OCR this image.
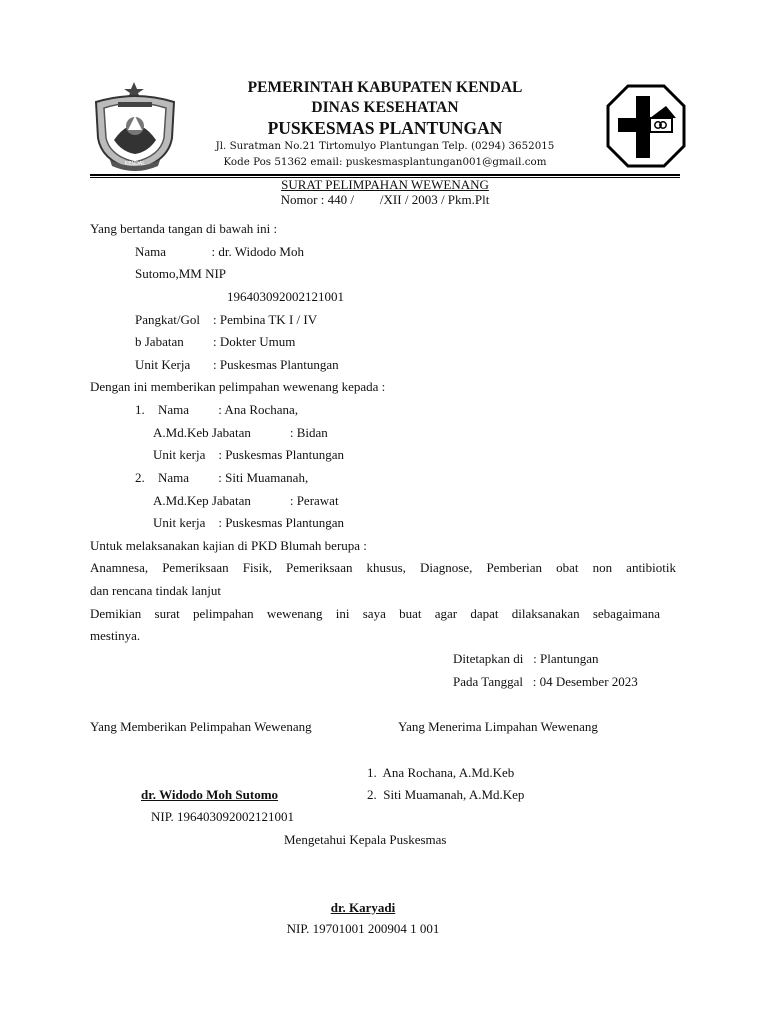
KENDAL
PEMERINTAH KABUPATEN KENDAL
DINAS KESEHATAN
PUSKESMAS PLANTUNGAN
Jl. Suratman No.21 Tirtomulyo Plantungan Telp. (0294) 3652015
Kode Pos 51362 email: puskesmasplantungan001@gmail.com
SURAT PELIMPAHAN WEWENANG
Nomor : 440 /        /XII / 2003 / Pkm.Plt
Yang bertanda tangan di bawah ini :
Nama              : dr. Widodo Moh
Sutomo,MM NIP
196403092002121001
Pangkat/Gol    : Pembina TK I / IV
b Jabatan         : Dokter Umum
Unit Kerja       : Puskesmas Plantungan
Dengan ini memberikan pelimpahan wewenang kepada :
1. Nama         : Ana Rochana,
A.Md.Keb Jabatan            : Bidan
Unit kerja    : Puskesmas Plantungan
2. Nama         : Siti Muamanah,
A.Md.Kep Jabatan            : Perawat
Unit kerja    : Puskesmas Plantungan
Untuk melaksanakan kajian di PKD Blumah berupa :
Anamnesa, Pemeriksaan Fisik, Pemeriksaan khusus, Diagnose, Pemberian obat non antibiotik
dan rencana tindak lanjut
Demikian surat pelimpahan wewenang ini saya buat agar dapat dilaksanakan sebagaimana
mestinya.
Ditetapkan di   : Plantungan
Pada Tanggal   : 04 Desember 2023
Yang Memberikan Pelimpahan Wewenang	Yang Menerima Limpahan Wewenang
1.  Ana Rochana, A.Md.Keb
dr. Widodo Moh Sutomo	2.  Siti Muamanah, A.Md.Kep
NIP. 196403092002121001
Mengetahui Kepala Puskesmas
dr. Karyadi
NIP. 19701001 200904 1 001
